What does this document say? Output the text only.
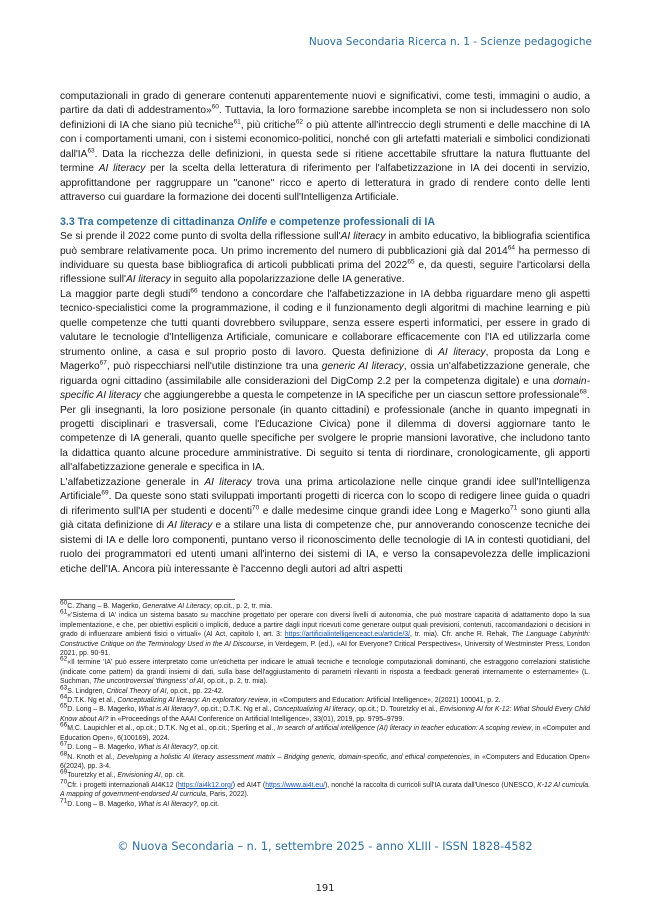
Nuova Secondaria Ricerca n. 1 - Scienze pedagogiche

computazionali in grado di generare contenuti apparentemente nuovi e significativi, come testi, immagini o audio, a partire da dati di addestramento»$^{60}$. Tuttavia, la loro formazione sarebbe incompleta se non si includessero non solo definizioni di IA che siano più tecniche$^{61}$, più critiche$^{62}$ o più attente all'intreccio degli strumenti e delle macchine di IA con i comportamenti umani, con i sistemi economico-politici, nonché con gli artefatti materiali e simbolici condizionati dall'IA$^{63}$. Data la ricchezza delle definizioni, in questa sede si ritiene accettabile sfruttare la natura fluttuante del termine AI literacy per la scelta della letteratura di riferimento per l'alfabetizzazione in IA dei docenti in servizio, approfittandone per raggruppare un "canone" ricco e aperto di letteratura in grado di rendere conto delle lenti attraverso cui guardare la formazione dei docenti sull'Intelligenza Artificiale.

3.3 Tra competenze di cittadinanza Onlife e competenze professionali di IA

Se si prende il 2022 come punto di svolta della riflessione sull'AI literacy in ambito educativo, la bibliografia scientifica può sembrare relativamente poca. Un primo incremento del numero di pubblicazioni già dal 2014$^{64}$ ha permesso di individuare su questa base bibliografica di articoli pubblicati prima del 2022$^{65}$ e, da questi, seguire l'articolarsi della riflessione sull'AI literacy in seguito alla popolarizzazione delle IA generative.

La maggior parte degli studi$^{66}$ tendono a concordare che l'alfabetizzazione in IA debba riguardare meno gli aspetti tecnico-specialistici come la programmazione, il coding e il funzionamento degli algoritmi di machine learning e più quelle competenze che tutti quanti dovrebbero sviluppare, senza essere esperti informatici, per essere in grado di valutare le tecnologie d'Intelligenza Artificiale, comunicare e collaborare efficacemente con l'IA ed utilizzarla come strumento online, a casa e sul proprio posto di lavoro. Questa definizione di AI literacy, proposta da Long e Magerko$^{67}$, può rispecchiarsi nell'utile distinzione tra una generic AI literacy, ossia un'alfabetizzazione generale, che riguarda ogni cittadino (assimilabile alle considerazioni del DigComp 2.2 per la competenza digitale) e una domain-specific AI literacy che aggiungerebbe a questa le competenze in IA specifiche per un ciascun settore professionale$^{68}$.

Per gli insegnanti, la loro posizione personale (in quanto cittadini) e professionale (anche in quanto impegnati in progetti disciplinari e trasversali, come l'Educazione Civica) pone il dilemma di doversi aggiornare tanto le competenze di IA generali, quanto quelle specifiche per svolgere le proprie mansioni lavorative, che includono tanto la didattica quanto alcune procedure amministrative. Di seguito si tenta di riordinare, cronologicamente, gli apporti all'alfabetizzazione generale e specifica in IA.

L'alfabetizzazione generale in AI literacy trova una prima articolazione nelle cinque grandi idee sull'Intelligenza Artificiale$^{69}$. Da queste sono stati sviluppati importanti progetti di ricerca con lo scopo di redigere linee guida o quadri di riferimento sull'IA per studenti e docenti$^{70}$ e dalle medesime cinque grandi idee Long e Magerko$^{71}$ sono giunti alla già citata definizione di AI literacy e a stilare una lista di competenze che, pur annoverando conoscenze tecniche dei sistemi di IA e delle loro componenti, puntano verso il riconoscimento delle tecnologie di IA in contesti quotidiani, del ruolo dei programmatori ed utenti umani all'interno dei sistemi di IA, e verso la consapevolezza delle implicazioni etiche dell'IA. Ancora più interessante è l'accenno degli autori ad altri aspetti

$^{60}$C. Zhang – B. Magerko, Generative AI Literacy, op.cit., p. 2, tr. mia.

$^{61}$«'Sistema di IA' indica un sistema basato su macchine progettato per operare con diversi livelli di autonomia, che può mostrare capacità di adattamento dopo la sua implementazione, e che, per obiettivi espliciti o impliciti, deduce a partire dagli input ricevuti come generare output quali previsioni, contenuti, raccomandazioni o decisioni in grado di influenzare ambienti fisici o virtuali» (AI Act, capitolo I, art. 3: https://artificialintelligenceact.eu/article/3/, tr. mia). Cfr. anche R. Rehak, The Language Labyrinth: Constructive Critique on the Terminology Used in the AI Discourse, in Verdegem, P. (ed.), «AI for Everyone? Critical Perspectives», University of Westminster Press, London 2021, pp. 90-91.

$^{62}$«Il termine 'IA' può essere interpretato come un'etichetta per indicare le attuali tecniche e tecnologie computazionali dominanti, che estraggono correlazioni statistiche (indicate come pattern) da grandi insiemi di dati, sulla base dell'aggiustamento di parametri rilevanti in risposta a feedback generati internamente o esternamente» (L. Suchman, The uncontroversial 'thingness' of AI, op.cit., p. 2, tr. mia).

$^{63}$S. Lindgren, Critical Theory of AI, op.cit., pp. 22-42.

$^{64}$D.T.K. Ng et al., Conceptualizing AI literacy: An exploratory review, in «Computers and Education: Artificial Intelligence», 2(2021) 100041, p. 2.

$^{65}$D. Long – B. Magerko, What is AI literacy?, op.cit.; D.T.K. Ng et al., Conceptualizing AI literacy, op.cit.; D. Touretzky et al., Envisioning AI for K-12: What Should Every Child Know about AI? in «Proceedings of the AAAI Conference on Artificial Intelligence», 33(01), 2019, pp. 9795–9799.

$^{66}$M.C. Laupichler et al., op.cit.; D.T.K. Ng et al., op.cit.; Sperling et al., In search of artificial intelligence (AI) literacy in teacher education: A scoping review, in «Computer and Education Open», 6(100169), 2024.

$^{67}$D. Long – B. Magerko, What is AI literacy?, op.cit.

$^{68}$N. Knoth et al., Developing a holistic AI literacy assessment matrix – Bridging generic, domain-specific, and ethical competencies, in «Computers and Education Open» 6(2024), pp. 3-4.

$^{69}$Touretzky et al., Envisioning AI, op. cit.

$^{70}$Cfr. i progetti internazionali AI4K12 (https://ai4k12.org/) ed AI4T (https://www.ai4t.eu/), nonché la raccolta di curricoli sull'IA curata dall'Unesco (UNESCO, K-12 AI curricula. A mapping of government-endorsed AI curricula, Paris, 2022).

$^{71}$D. Long – B. Magerko, What is AI literacy?, op.cit.

© Nuova Secondaria – n. 1, settembre 2025 - anno XLIII - ISSN 1828-4582
191
